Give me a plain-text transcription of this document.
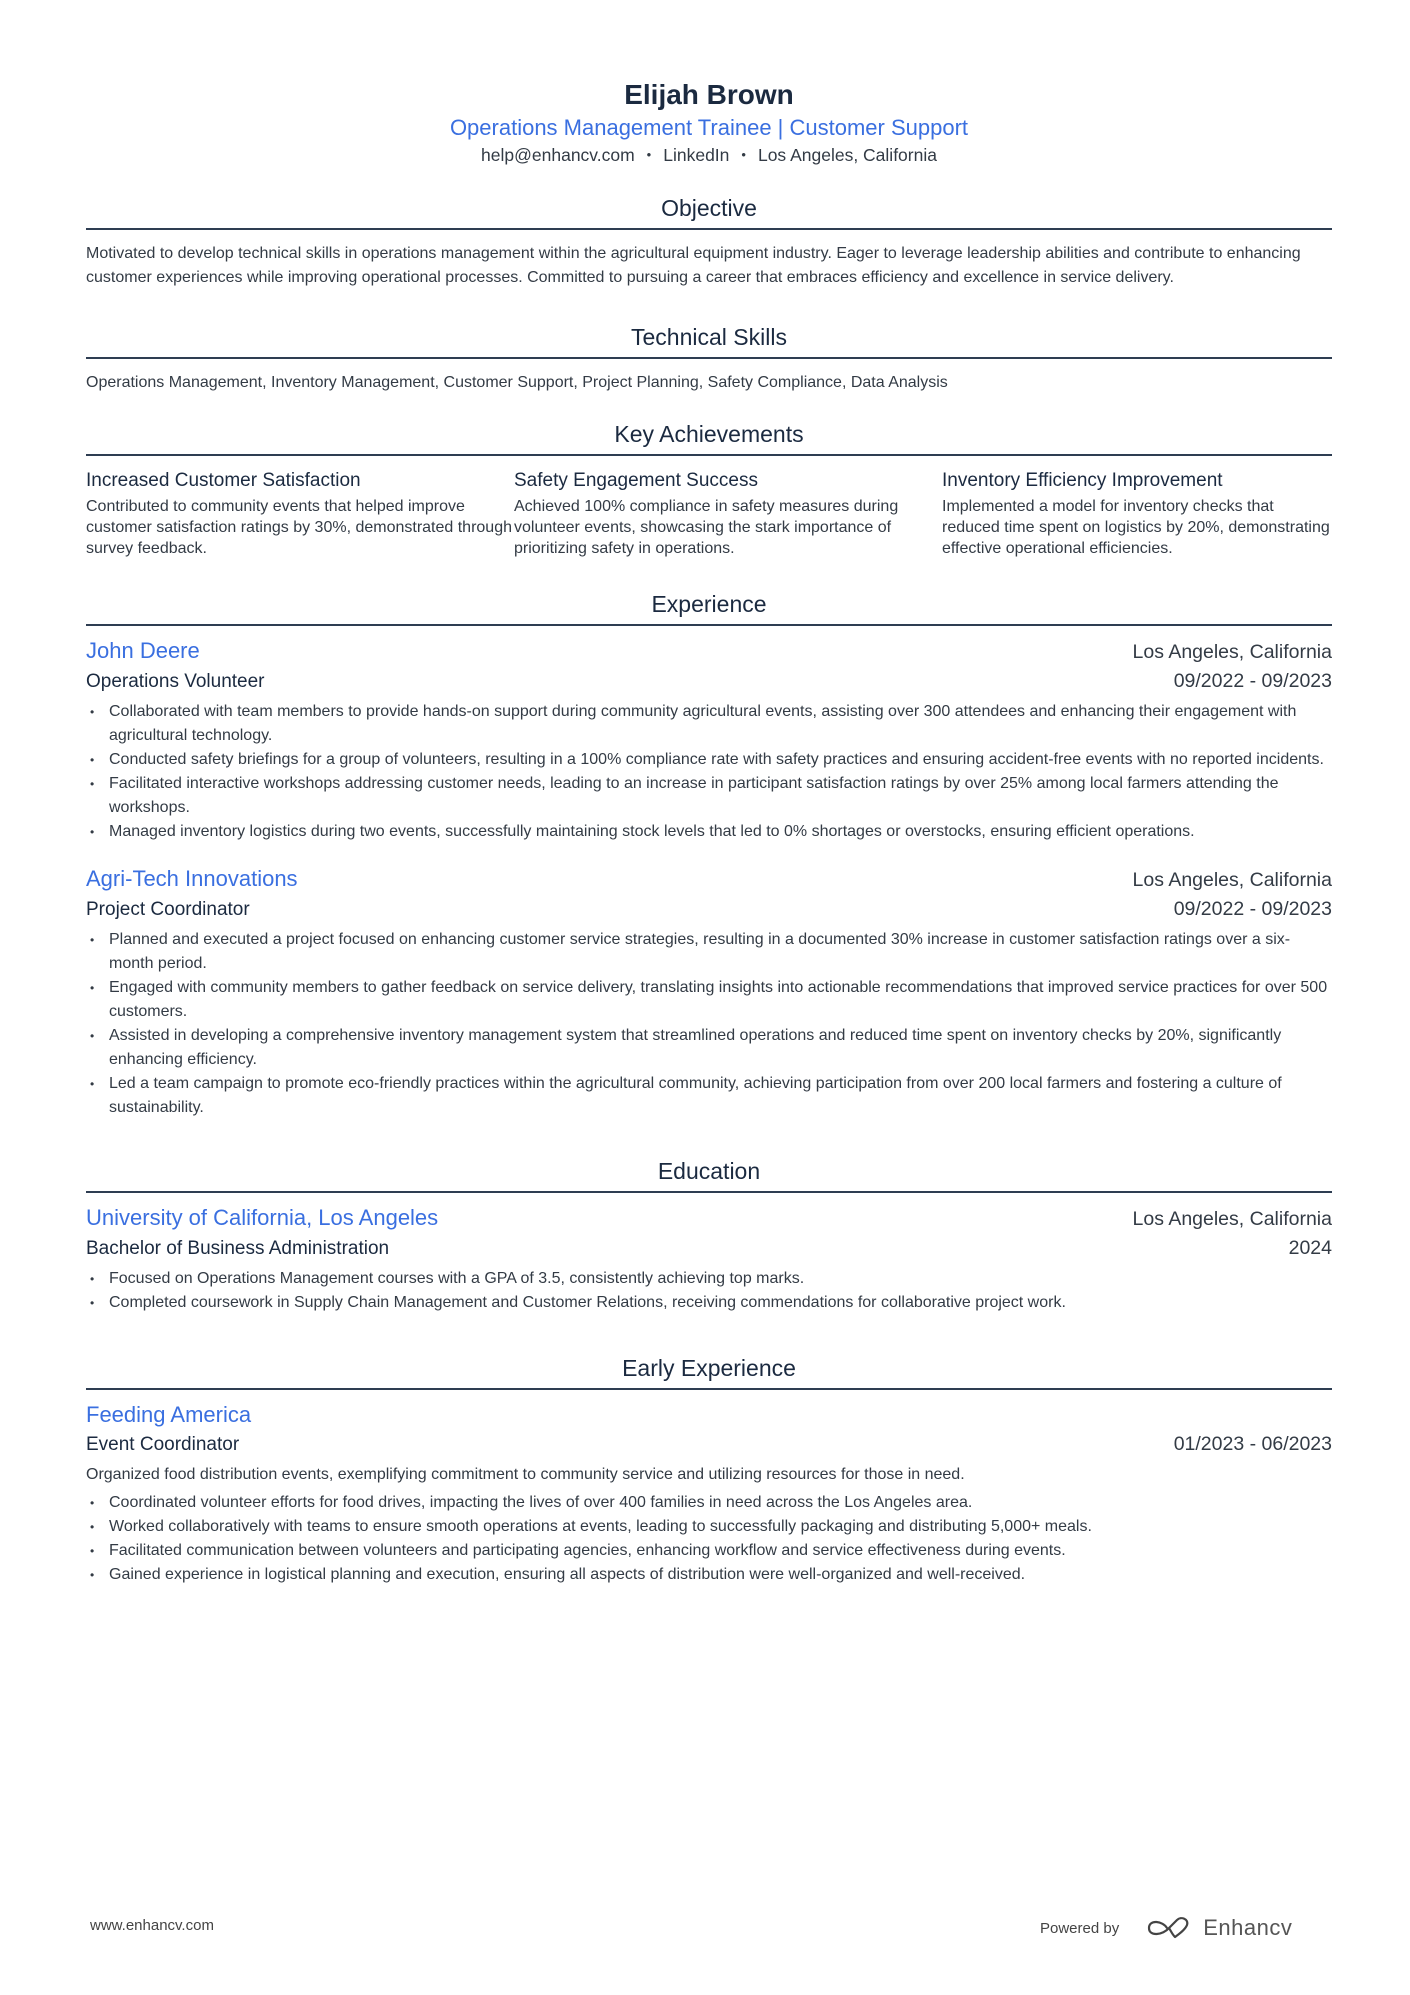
Elijah Brown
Operations Management Trainee | Customer Support
help@enhancv.com • LinkedIn • Los Angeles, California
Objective
Motivated to develop technical skills in operations management within the agricultural equipment industry. Eager to leverage leadership abilities and contribute to enhancing customer experiences while improving operational processes. Committed to pursuing a career that embraces efficiency and excellence in service delivery.
Technical Skills
Operations Management, Inventory Management, Customer Support, Project Planning, Safety Compliance, Data Analysis
Key Achievements
Increased Customer Satisfaction
Contributed to community events that helped improve customer satisfaction ratings by 30%, demonstrated through survey feedback.
Safety Engagement Success
Achieved 100% compliance in safety measures during volunteer events, showcasing the stark importance of prioritizing safety in operations.
Inventory Efficiency Improvement
Implemented a model for inventory checks that reduced time spent on logistics by 20%, demonstrating effective operational efficiencies.
Experience
John Deere	Los Angeles, California
Operations Volunteer	09/2022 - 09/2023
• Collaborated with team members to provide hands-on support during community agricultural events, assisting over 300 attendees and enhancing their engagement with agricultural technology.
• Conducted safety briefings for a group of volunteers, resulting in a 100% compliance rate with safety practices and ensuring accident-free events with no reported incidents.
• Facilitated interactive workshops addressing customer needs, leading to an increase in participant satisfaction ratings by over 25% among local farmers attending the workshops.
• Managed inventory logistics during two events, successfully maintaining stock levels that led to 0% shortages or overstocks, ensuring efficient operations.
Agri-Tech Innovations	Los Angeles, California
Project Coordinator	09/2022 - 09/2023
• Planned and executed a project focused on enhancing customer service strategies, resulting in a documented 30% increase in customer satisfaction ratings over a six-month period.
• Engaged with community members to gather feedback on service delivery, translating insights into actionable recommendations that improved service practices for over 500 customers.
• Assisted in developing a comprehensive inventory management system that streamlined operations and reduced time spent on inventory checks by 20%, significantly enhancing efficiency.
• Led a team campaign to promote eco-friendly practices within the agricultural community, achieving participation from over 200 local farmers and fostering a culture of sustainability.
Education
University of California, Los Angeles	Los Angeles, California
Bachelor of Business Administration	2024
• Focused on Operations Management courses with a GPA of 3.5, consistently achieving top marks.
• Completed coursework in Supply Chain Management and Customer Relations, receiving commendations for collaborative project work.
Early Experience
Feeding America
Event Coordinator	01/2023 - 06/2023
Organized food distribution events, exemplifying commitment to community service and utilizing resources for those in need.
• Coordinated volunteer efforts for food drives, impacting the lives of over 400 families in need across the Los Angeles area.
• Worked collaboratively with teams to ensure smooth operations at events, leading to successfully packaging and distributing 5,000+ meals.
• Facilitated communication between volunteers and participating agencies, enhancing workflow and service effectiveness during events.
• Gained experience in logistical planning and execution, ensuring all aspects of distribution were well-organized and well-received.
www.enhancv.com	Powered by	Enhancv
